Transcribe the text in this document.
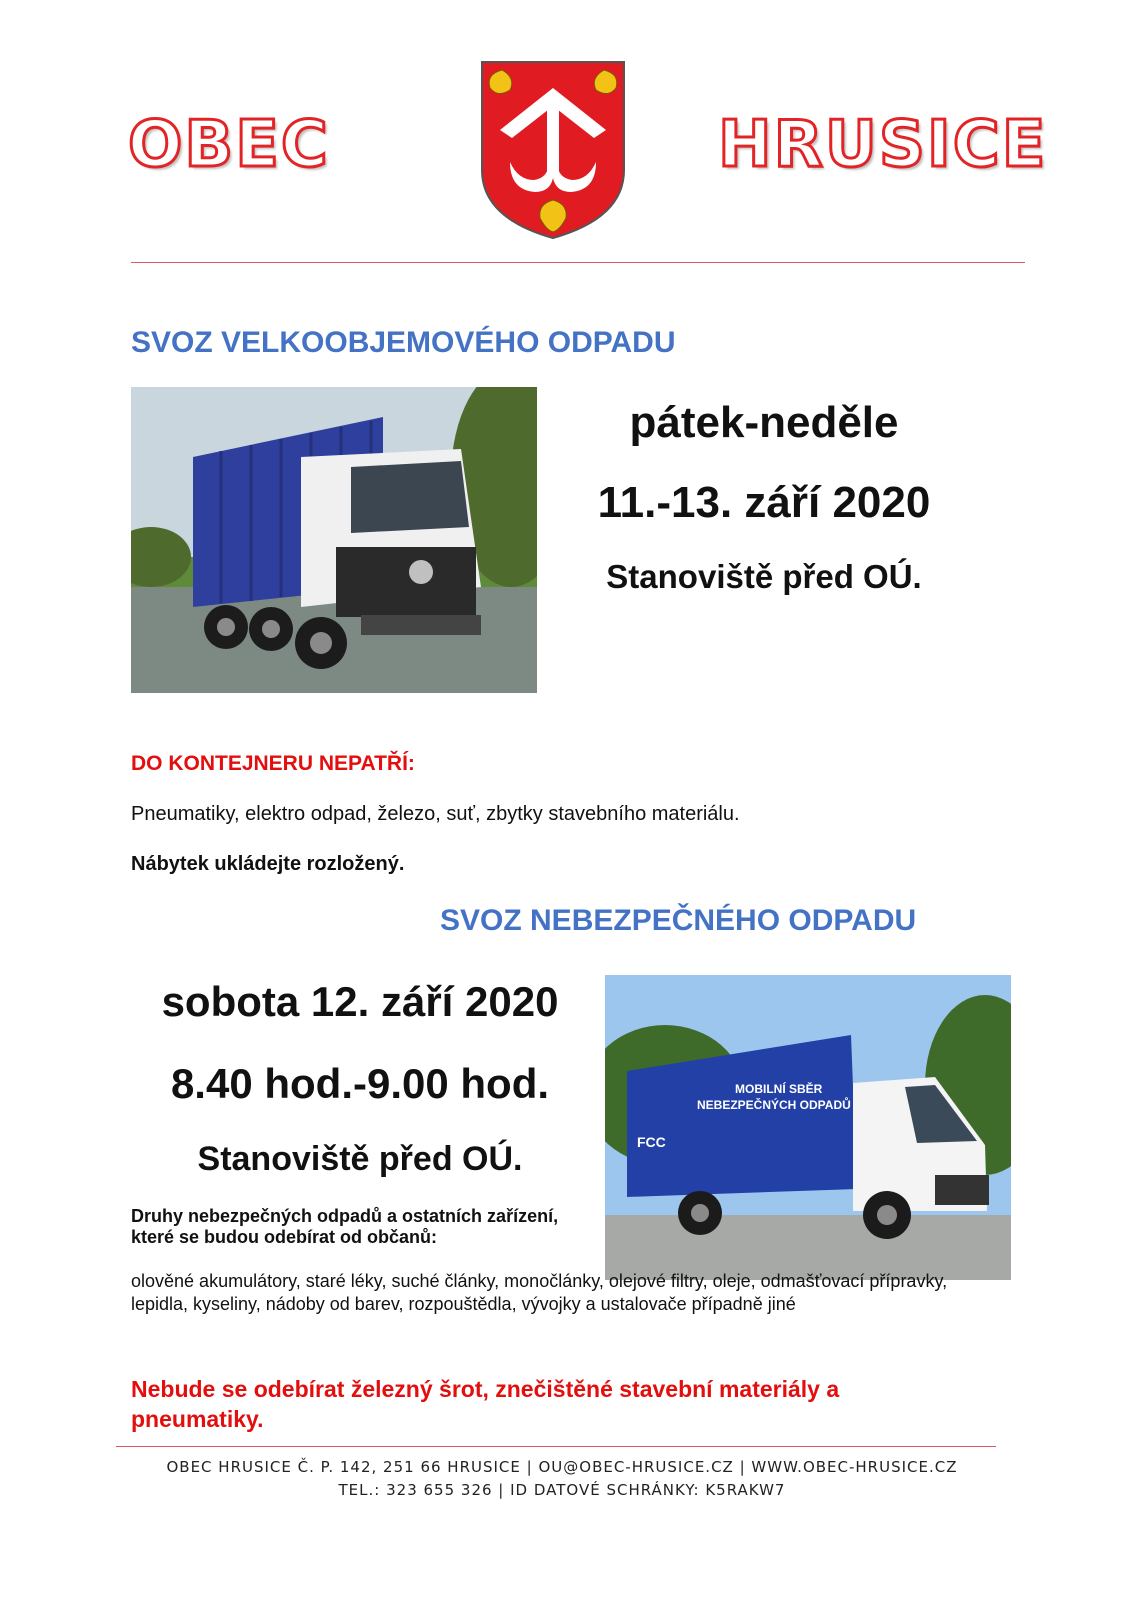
OBEC	HRUSICE
SVOZ VELKOOBJEMOVÉHO ODPADU
pátek-neděle
11.-13. září 2020
Stanoviště před OÚ.
DO KONTEJNERU NEPATŘÍ:
Pneumatiky, elektro odpad, železo, suť, zbytky stavebního materiálu.
Nábytek ukládejte rozložený.
SVOZ NEBEZPEČNÉHO ODPADU
sobota 12. září 2020
8.40 hod.-9.00 hod.
Stanoviště před OÚ.
MOBILNÍ SBĚR
NEBEZPEČNÝCH ODPADŮ
FCC
Druhy nebezpečných odpadů a ostatních zařízení, které se budou odebírat od občanů:
olověné akumulátory, staré léky, suché články, monočlánky, olejové filtry, oleje, odmašťovací přípravky, lepidla, kyseliny, nádoby od barev, rozpouštědla, vývojky a ustalovače případně jiné
Nebude se odebírat železný šrot, znečištěné stavební materiály a pneumatiky.
OBEC HRUSICE Č. P. 142, 251 66 HRUSICE | OU@OBEC-HRUSICE.CZ | WWW.OBEC-HRUSICE.CZ
TEL.: 323 655 326 | ID DATOVÉ SCHRÁNKY: K5RAKW7
